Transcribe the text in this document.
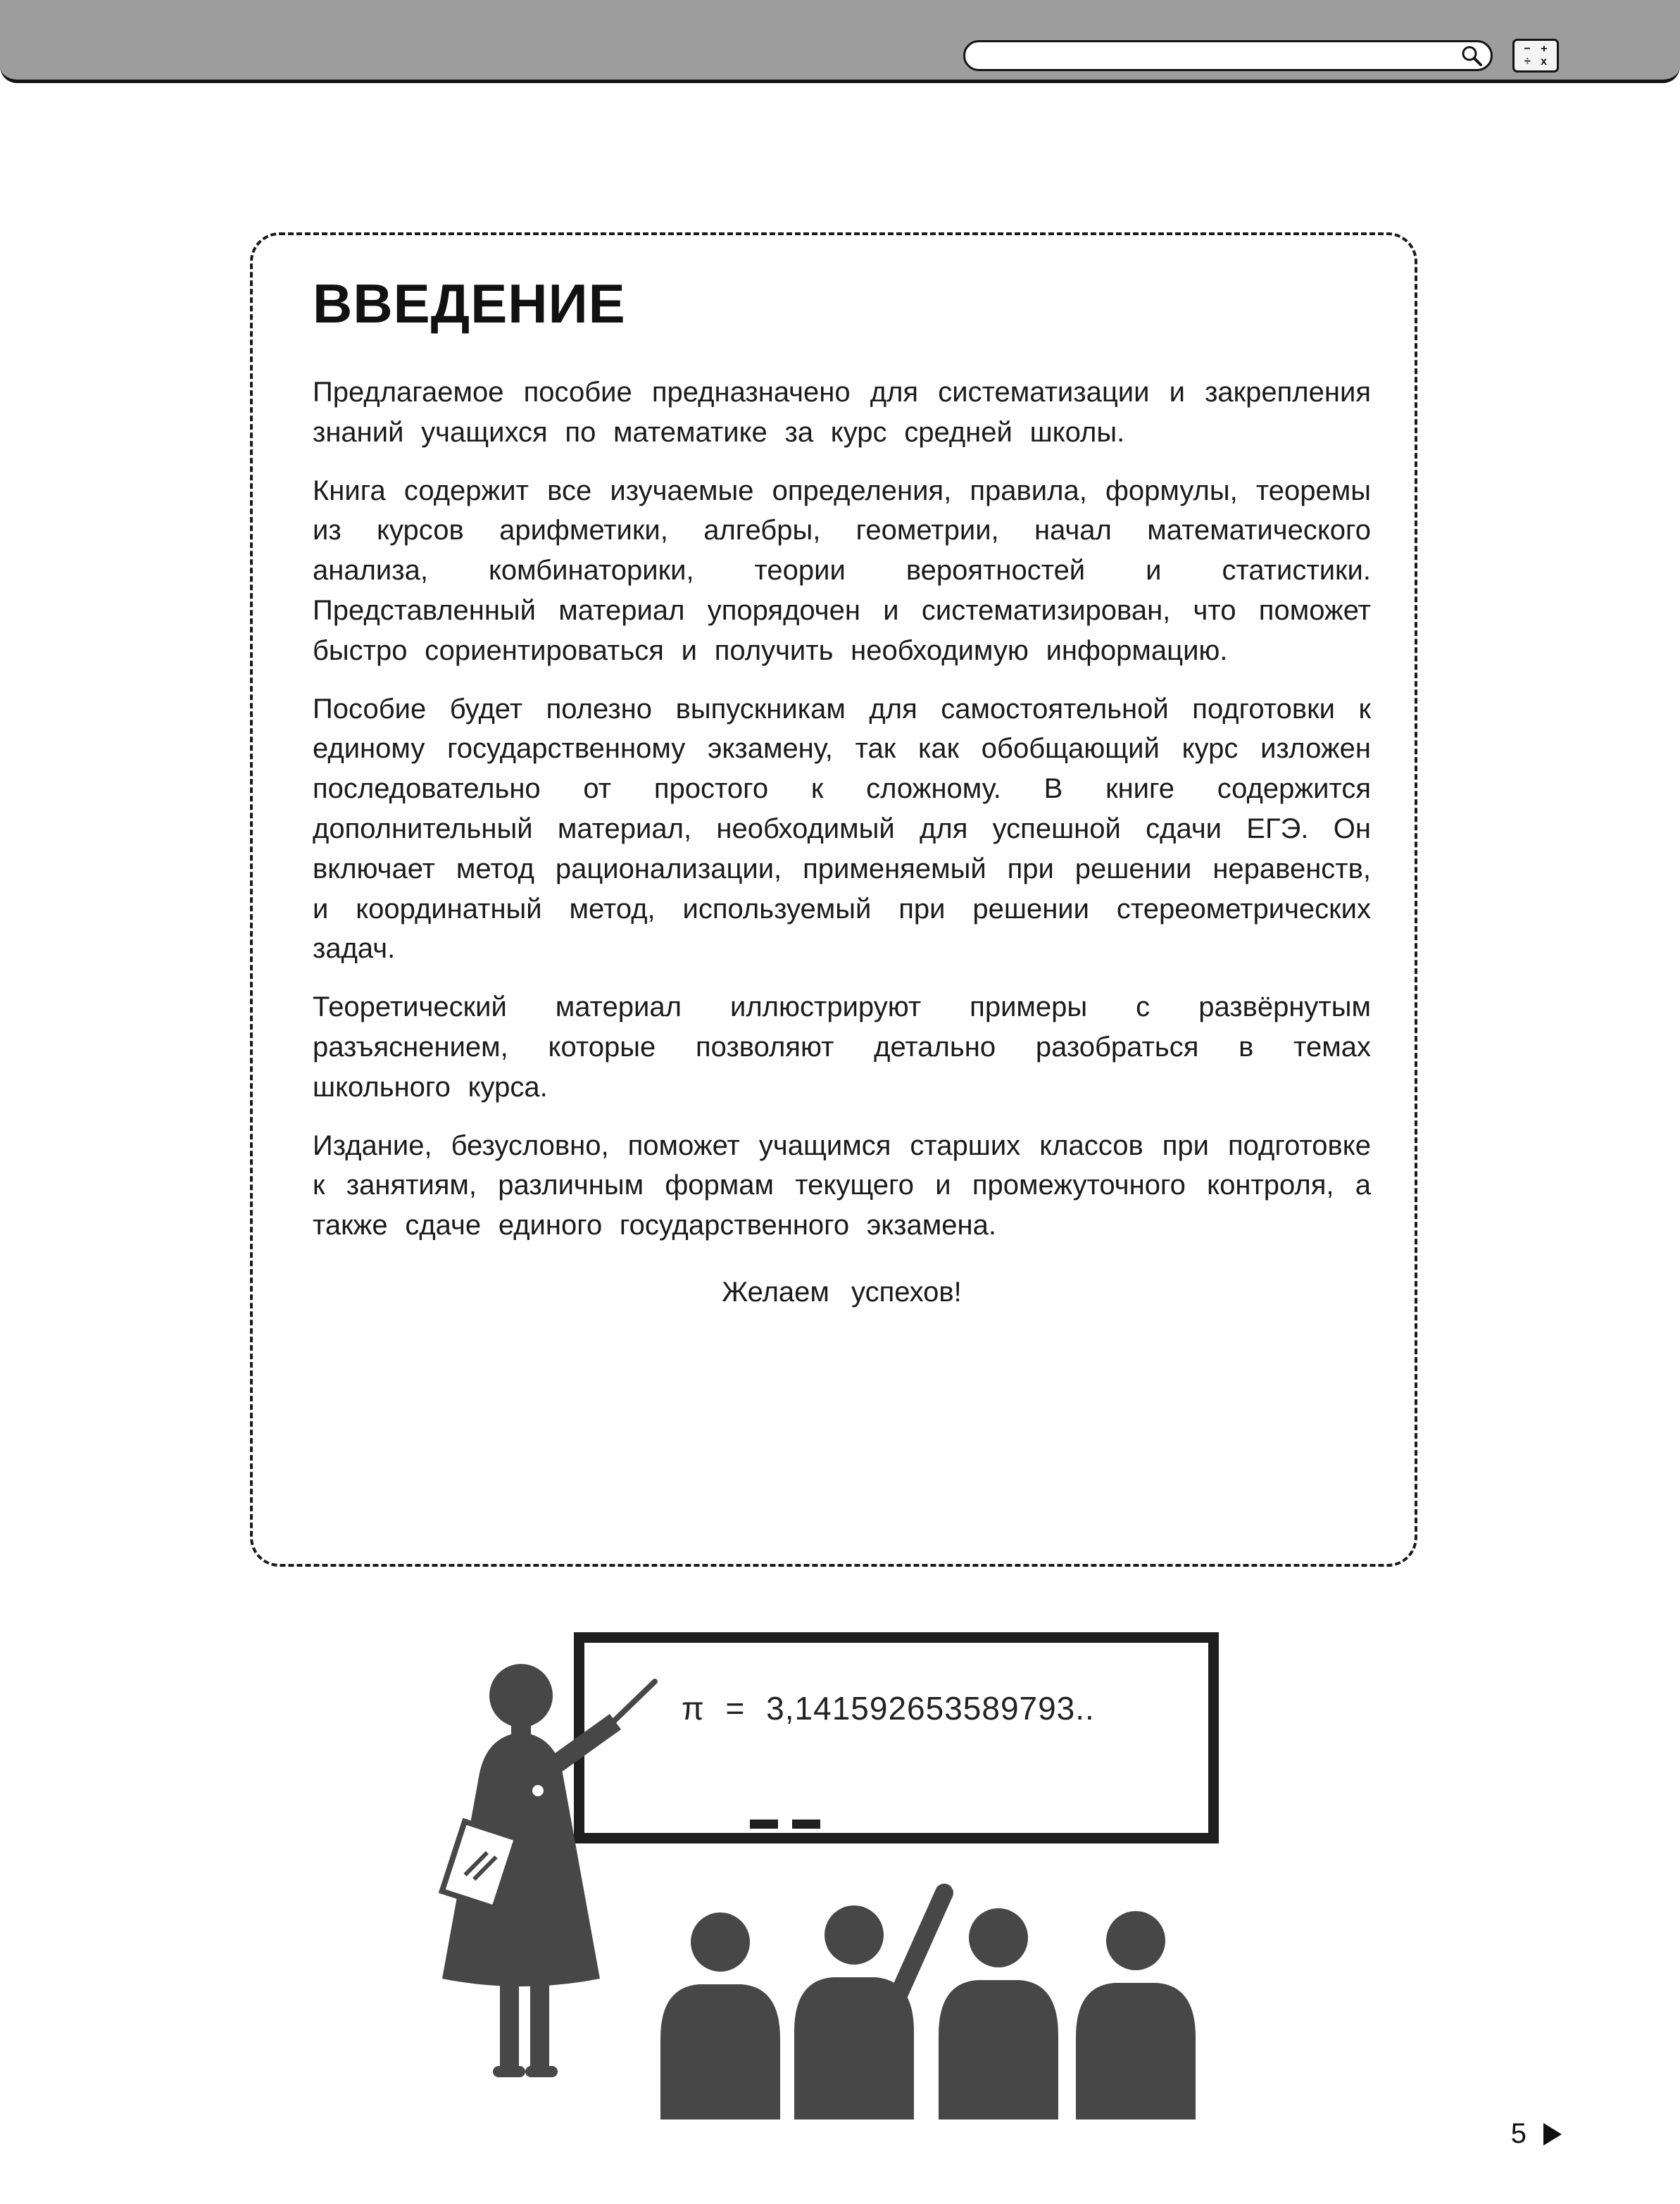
− +
÷ x
ВВЕДЕНИЕ

Предлагаемое пособие предназначено для систематизации и закрепления знаний учащихся по математике за курс средней школы.

Книга содержит все изучаемые определения, правила, формулы, теоремы из курсов арифметики, алгебры, геометрии, начал математического анализа, комбинаторики, теории вероятностей и статистики. Представленный материал упорядочен и систематизирован, что поможет быстро сориентироваться и получить необходимую информацию.

Пособие будет полезно выпускникам для самостоятельной подготовки к единому государственному экзамену, так как обобщающий курс изложен последовательно от простого к сложному. В книге содержится дополнительный материал, необходимый для успешной сдачи ЕГЭ. Он включает метод рационализации, применяемый при решении неравенств, и координатный метод, используемый при решении стереометрических задач.

Теоретический материал иллюстрируют примеры с развёрнутым разъяснением, которые позволяют детально разобраться в темах школьного курса.

Издание, безусловно, поможет учащимся старших классов при подготовке к занятиям, различным формам текущего и промежуточного контроля, а также сдаче единого государственного экзамена.

Желаем успехов!

π = 3,141592653589793..
5
